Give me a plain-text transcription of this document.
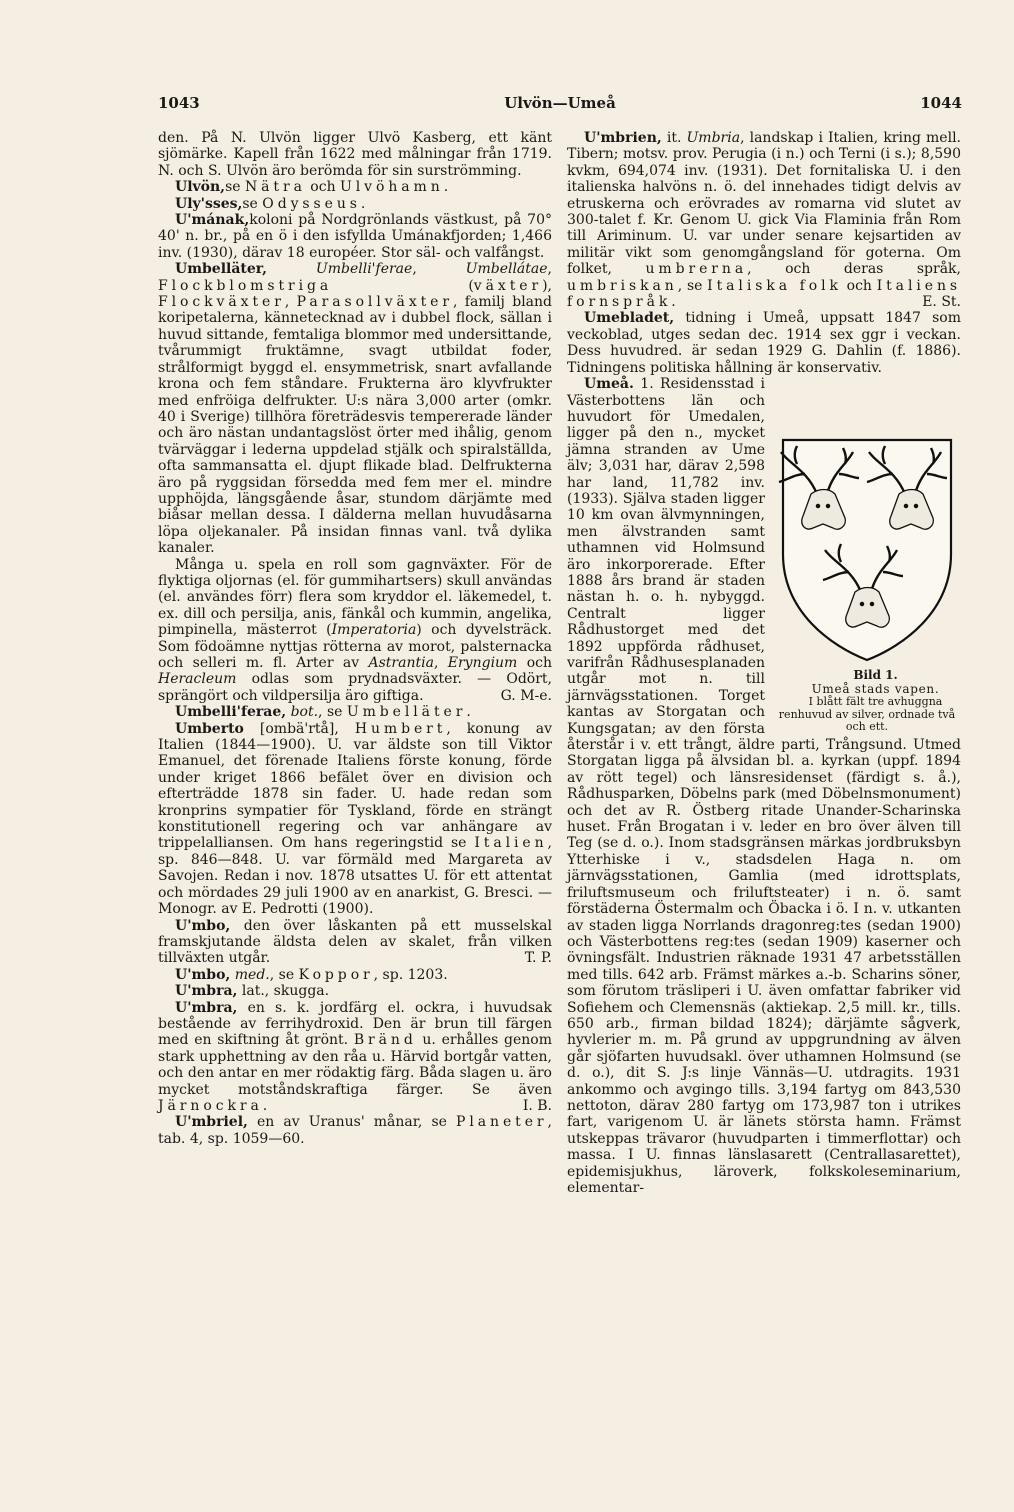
1043	Ulvön—Umeå	1044

den. På N. Ulvön ligger Ulvö Kasberg, ett känt sjömärke. Kapell från 1622 med målningar från 1719. N. och S. Ulvön äro berömda för sin surströmming.

Ulvön,se Nätra och Ulvöhamn.

Uly'sses,se Odysseus.

U'mának,koloni på Nordgrönlands västkust, på 70° 40' n. br., på en ö i den isfyllda Umánakfjorden; 1,466 inv. (1930), därav 18 européer. Stor säl- och valfångst.

Umbelläter,	Umbelli'ferae, Umbellátae, Flockblomstriga (växter), Flockväxter, Parasollväxter, familj bland koripetalerna, kännetecknad av i dubbel flock, sällan i huvud sittande, femtaliga blommor med undersittande, tvårummigt fruktämne, svagt utbildat foder, strålformigt byggd el. ensymmetrisk, snart avfallande krona och fem ståndare. Frukterna äro klyvfrukter med enfröiga delfrukter. U:s nära 3,000 arter (omkr. 40 i Sverige) tillhöra företrädesvis tempererade länder och äro nästan undantagslöst örter med ihålig, genom tvärväggar i lederna uppdelad stjälk och spiralställda, ofta sammansatta el. djupt flikade blad. Delfrukterna äro på ryggsidan försedda med fem mer el. mindre upphöjda, längsgående åsar, stundom därjämte med biåsar mellan dessa. I dälderna mellan huvudåsarna löpa oljekanaler. På insidan finnas vanl. två dylika kanaler.

Många u. spela en roll som gagnväxter. För de flyktiga oljornas (el. för gummihartsers) skull användas (el. användes förr) flera som kryddor el. läkemedel, t. ex. dill och persilja, anis, fänkål och kummin, angelika, pimpinella, mästerrot (Imperatoria) och dyvelsträck. Som födoämne nyttjas rötterna av morot, palsternacka och selleri m. fl. Arter av Astrantia, Eryngium och Heracleum odlas som prydnadsväxter. — Odört, sprängört och vildpersilja äro giftiga.	G. M-e.

Umbelli'ferae, bot., se Umbelläter.

Umberto [ombä'rtå], Humbert, konung av Italien (1844—1900). U. var äldste son till Viktor Emanuel, det förenade Italiens förste konung, förde under kriget 1866 befälet över en division och efterträdde 1878 sin fader. U. hade redan som kronprins sympatier för Tyskland, förde en strängt konstitutionell regering och var anhängare av trippelalliansen. Om hans regeringstid se Italien, sp. 846—848. U. var förmäld med Margareta av Savojen. Redan i nov. 1878 utsattes U. för ett attentat och mördades 29 juli 1900 av en anarkist, G. Bresci. — Monogr. av E. Pedrotti (1900).

U'mbo, den över låskanten på ett musselskal framskjutande äldsta delen av skalet, från vilken tillväxten utgår.	T. P.

U'mbo, med., se Koppor, sp. 1203.

U'mbra, lat., skugga.

U'mbra, en s. k. jordfärg el. ockra, i huvudsak bestående av ferrihydroxid. Den är brun till färgen med en skiftning åt grönt. Bränd u. erhålles genom stark upphettning av den råa u. Härvid bortgår vatten, och den antar en mer rödaktig färg. Båda slagen u. äro mycket motståndskraftiga färger. Se även Järnockra.	I. B.

U'mbriel, en av Uranus' månar, se Planeter, tab. 4, sp. 1059—60.

U'mbrien, it. Umbria, landskap i Italien, kring mell. Tibern; motsv. prov. Perugia (i n.) och Terni (i s.); 8,590 kvkm, 694,074 inv. (1931). Det fornitaliska U. i den italienska halvöns n. ö. del innehades tidigt delvis av etruskerna och erövrades av romarna vid slutet av 300-talet f. Kr. Genom U. gick Via Flaminia från Rom till Ariminum. U. var under senare kejsartiden av militär vikt som genomgångsland för goterna. Om folket, umbrerna, och deras språk, umbriskan, se Italiska folk och Italiens fornspråk.	E. St.

Umebladet, tidning i Umeå, uppsatt 1847 som veckoblad, utges sedan dec. 1914 sex ggr i veckan. Dess huvudred. är sedan 1929 G. Dahlin (f. 1886). Tidningens politiska hållning är konservativ.

Bild 1.
Umeå stads vapen.
I blått fält tre avhuggna renhuvud av silver, ordnade två och ett.
Umeå. 1. Residensstad i Västerbottens län och huvudort för Umedalen, ligger på den n., mycket jämna stranden av Ume älv; 3,031 har, därav 2,598 har land, 11,782 inv. (1933). Själva staden ligger 10 km ovan älvmynningen, men älvstranden samt uthamnen vid Holmsund äro inkorporerade. Efter 1888 års brand är staden nästan h. o. h. nybyggd. Centralt ligger Rådhustorget med det 1892 uppförda rådhuset, varifrån Rådhusesplanaden utgår mot n. till järnvägsstationen. Torget kantas av Storgatan och Kungsgatan; av den första återstår i v. ett trångt, äldre parti, Trångsund. Utmed Storgatan ligga på älvsidan bl. a. kyrkan (uppf. 1894 av rött tegel) och länsresidenset (färdigt s. å.), Rådhusparken, Döbelns park (med Döbelnsmonument) och det av R. Östberg ritade Unander-Scharinska huset. Från Brogatan i v. leder en bro över älven till Teg (se d. o.). Inom stadsgränsen märkas jordbruksbyn Ytterhiske i v., stadsdelen Haga n. om järnvägsstationen, Gamlia (med idrottsplats, friluftsmuseum och friluftsteater) i n. ö. samt förstäderna Östermalm och Öbacka i ö. I n. v. utkanten av staden ligga Norrlands dragonreg:tes (sedan 1900) och Västerbottens reg:tes (sedan 1909) kaserner och övningsfält. Industrien räknade 1931 47 arbetsställen med tills. 642 arb. Främst märkes a.-b. Scharins söner, som förutom träsliperi i U. även omfattar fabriker vid Sofiehem och Clemensnäs (aktiekap. 2,5 mill. kr., tills. 650 arb., firman bildad 1824); därjämte sågverk, hyvlerier m. m. På grund av uppgrundning av älven går sjöfarten huvudsakl. över uthamnen Holmsund (se d. o.), dit S. J:s linje Vännäs—U. utdragits. 1931 ankommo och avgingo tills. 3,194 fartyg om 843,530 nettoton, därav 280 fartyg om 173,987 ton i utrikes fart, varigenom U. är länets största hamn. Främst utskeppas trävaror (huvudparten i timmerflottar) och massa. I U. finnas länslasarett (Centrallasarettet), epidemisjukhus, läroverk, folkskoleseminarium, elementar-
